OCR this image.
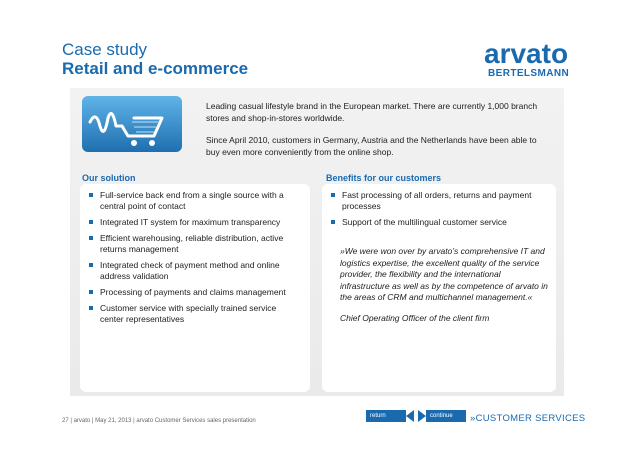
Case study
Retail and e-commerce	arvato
BERTELSMANN

Leading casual lifestyle brand in the European market. There are currently 1,000 branch stores and shop-in-stores worldwide.

Since April 2010, customers in Germany, Austria and the Netherlands have been able to buy even more conveniently from the online shop.

Our solution	Benefits for our customers
Full-service back end from a single source with a central point of contact
Integrated IT system for maximum transparency
Efficient warehousing, reliable distribution, active returns management
Integrated check of payment method and online address validation
Processing of payments and claims management
Customer service with specially trained service center representatives
Fast processing of all orders, returns and payment processes
Support of the multilingual customer service

»We were won over by arvato’s comprehensive IT and logistics expertise, the excellent quality of the service provider, the flexibility and the international infrastructure as well as by the competence of arvato in the areas of CRM and multichannel management.«

Chief Operating Officer of the client firm

27 | arvato | May 21, 2013 | arvato Customer Services sales presentation
return	continue	»CUSTOMER SERVICES
